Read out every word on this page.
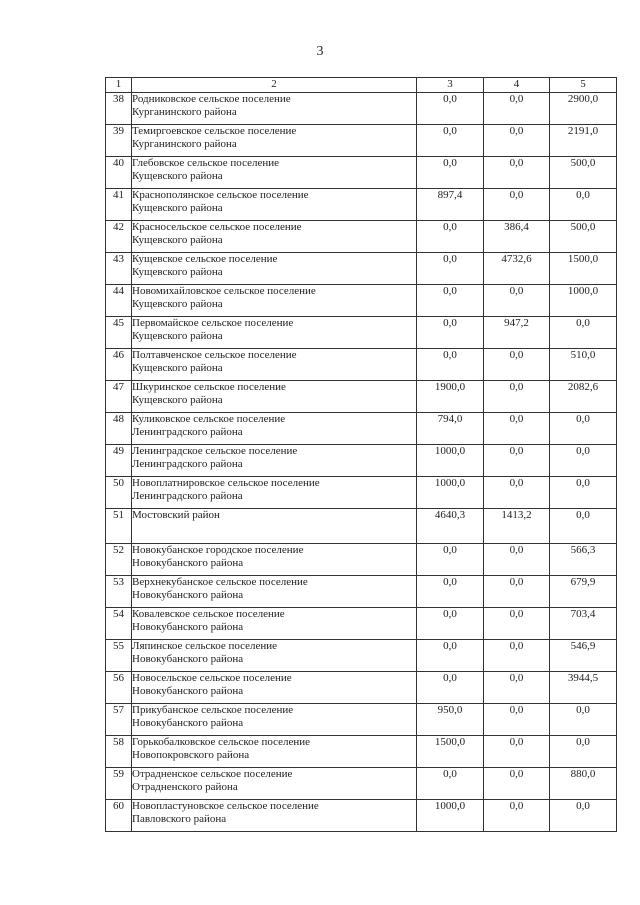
3
1	2	3	4	5
38	Родниковское сельское поселение
Курганинского района	0,0	0,0	2900,0
39	Темиргоевское сельское поселение
Курганинского района	0,0	0,0	2191,0
40	Глебовское сельское поселение
Кущевского района	0,0	0,0	500,0
41	Краснополянское сельское поселение
Кущевского района	897,4	0,0	0,0
42	Красносельское сельское поселение
Кущевского района	0,0	386,4	500,0
43	Кущевское сельское поселение
Кущевского района	0,0	4732,6	1500,0
44	Новомихайловское сельское поселение
Кущевского района	0,0	0,0	1000,0
45	Первомайское сельское поселение
Кущевского района	0,0	947,2	0,0
46	Полтавченское сельское поселение
Кущевского района	0,0	0,0	510,0
47	Шкуринское сельское поселение
Кущевского района	1900,0	0,0	2082,6
48	Куликовское сельское поселение
Ленинградского района	794,0	0,0	0,0
49	Ленинградское сельское поселение
Ленинградского района	1000,0	0,0	0,0
50	Новоплатнировское сельское поселение
Ленинградского района	1000,0	0,0	0,0
51	Мостовский район	4640,3	1413,2	0,0
52	Новокубанское городское поселение
Новокубанского района	0,0	0,0	566,3
53	Верхнекубанское сельское поселение
Новокубанского района	0,0	0,0	679,9
54	Ковалевское сельское поселение
Новокубанского района	0,0	0,0	703,4
55	Ляпинское сельское поселение
Новокубанского района	0,0	0,0	546,9
56	Новосельское сельское поселение
Новокубанского района	0,0	0,0	3944,5
57	Прикубанское сельское поселение
Новокубанского района	950,0	0,0	0,0
58	Горькобалковское сельское поселение
Новопокровского района	1500,0	0,0	0,0
59	Отрадненское сельское поселение
Отрадненского района	0,0	0,0	880,0
60	Новопластуновское сельское поселение
Павловского района	1000,0	0,0	0,0
